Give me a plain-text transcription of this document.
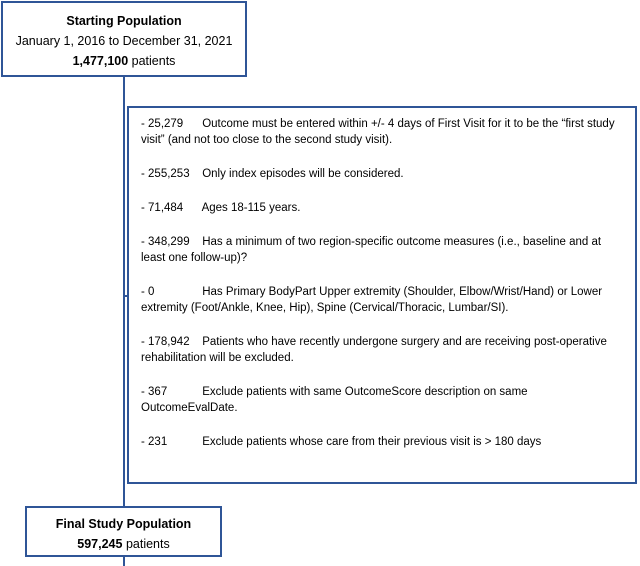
Starting Population
January 1, 2016 to December 31, 2021
1,477,100 patients
- 25,279 Outcome must be entered within +/- 4 days of First Visit for it to be the “first study visit” (and not too close to the second study visit).
- 255,253 Only index episodes will be considered.
- 71,484 Ages 18-115 years.
- 348,299 Has a minimum of two region-specific outcome measures (i.e., baseline and at least one follow-up)?
- 0	Has Primary BodyPart Upper extremity (Shoulder, Elbow/Wrist/Hand) or Lower extremity (Foot/Ankle, Knee, Hip), Spine (Cervical/Thoracic, Lumbar/SI).
- 178,942 Patients who have recently undergone surgery and are receiving post-operative rehabilitation will be excluded.
- 367	Exclude patients with same OutcomeScore description on same OutcomeEvalDate.
- 231	Exclude patients whose care from their previous visit is > 180 days
Final Study Population
597,245 patients
